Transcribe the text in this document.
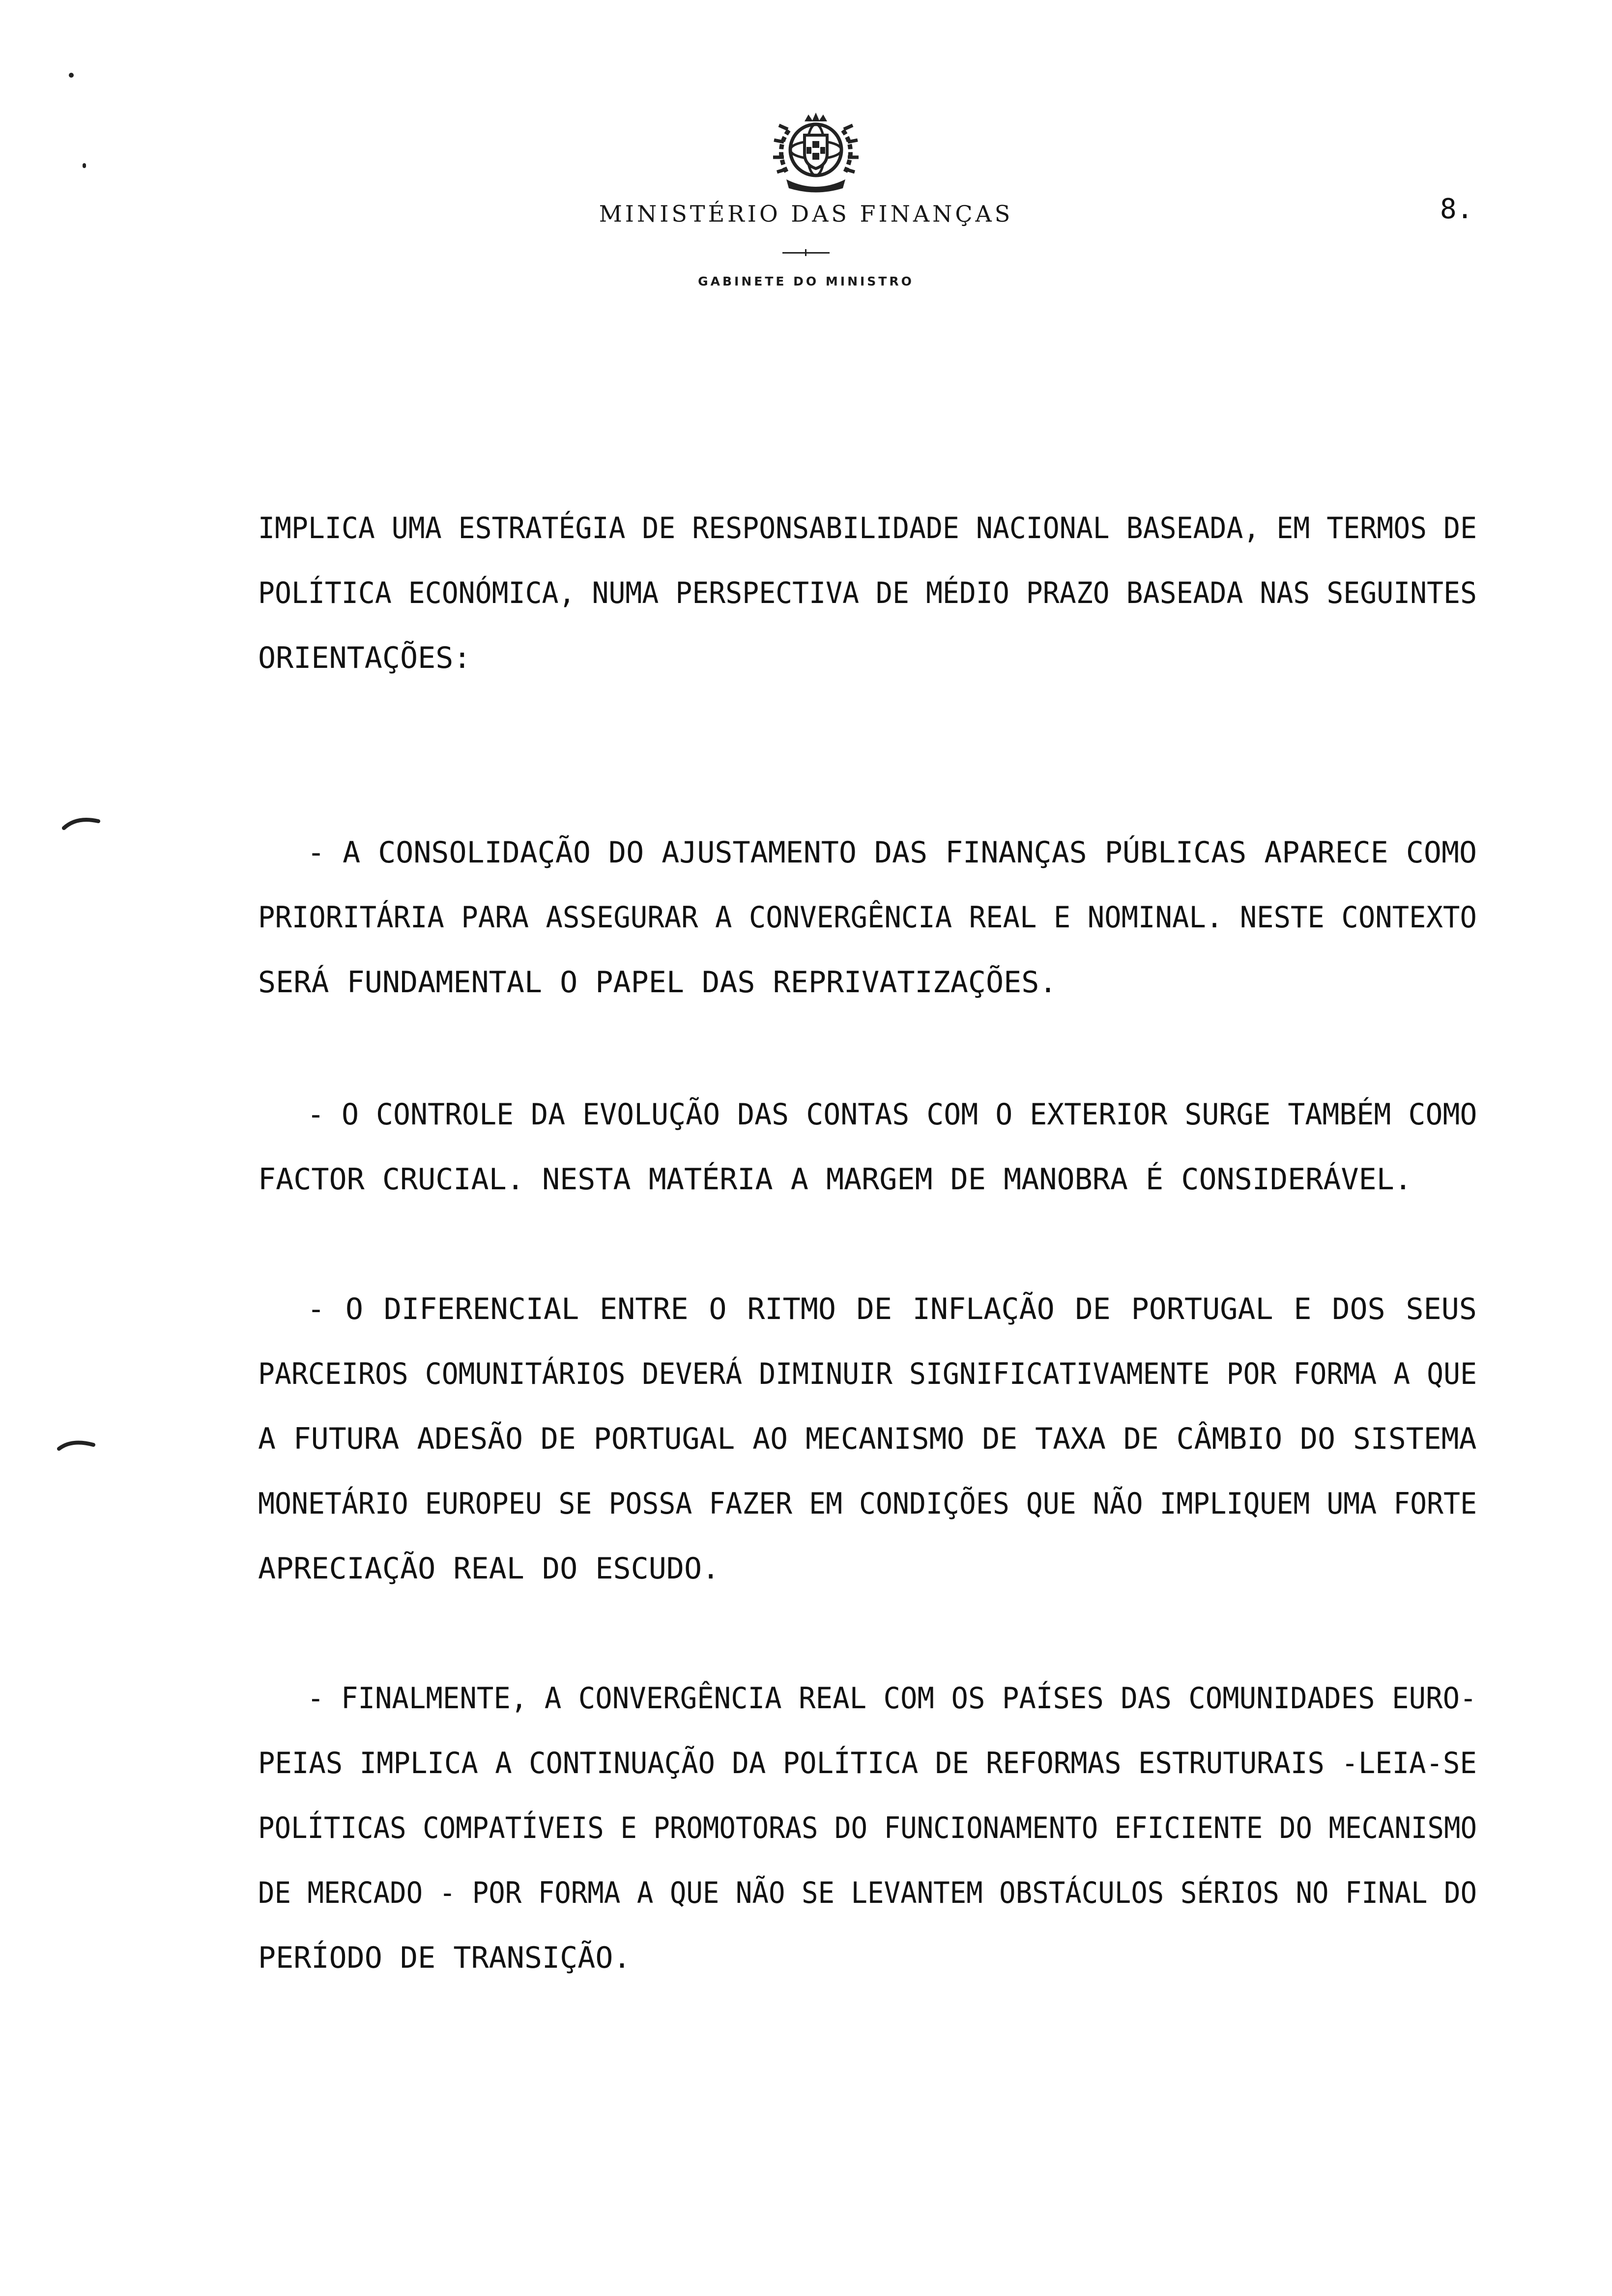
MINISTÉRIO DAS FINANÇAS
GABINETE DO MINISTRO
8.
IMPLICA UMA ESTRATÉGIA DE RESPONSABILIDADE NACIONAL BASEADA, EM TERMOS DE
POLÍTICA ECONÓMICA, NUMA PERSPECTIVA DE MÉDIO PRAZO BASEADA NAS SEGUINTES
ORIENTAÇÕES:
- A CONSOLIDAÇÃO DO AJUSTAMENTO DAS FINANÇAS PÚBLICAS APARECE COMO
PRIORITÁRIA PARA ASSEGURAR A CONVERGÊNCIA REAL E NOMINAL. NESTE CONTEXTO
SERÁ FUNDAMENTAL O PAPEL DAS REPRIVATIZAÇÕES.
- O CONTROLE DA EVOLUÇÃO DAS CONTAS COM O EXTERIOR SURGE TAMBÉM COMO
FACTOR CRUCIAL. NESTA MATÉRIA A MARGEM DE MANOBRA É CONSIDERÁVEL.
- O DIFERENCIAL ENTRE O RITMO DE INFLAÇÃO DE PORTUGAL E DOS SEUS
PARCEIROS COMUNITÁRIOS DEVERÁ DIMINUIR SIGNIFICATIVAMENTE POR FORMA A QUE
A FUTURA ADESÃO DE PORTUGAL AO MECANISMO DE TAXA DE CÂMBIO DO SISTEMA
MONETÁRIO EUROPEU SE POSSA FAZER EM CONDIÇÕES QUE NÃO IMPLIQUEM UMA FORTE
APRECIAÇÃO REAL DO ESCUDO.
- FINALMENTE, A CONVERGÊNCIA REAL COM OS PAÍSES DAS COMUNIDADES EURO-
PEIAS IMPLICA A CONTINUAÇÃO DA POLÍTICA DE REFORMAS ESTRUTURAIS -LEIA-SE
POLÍTICAS COMPATÍVEIS E PROMOTORAS DO FUNCIONAMENTO EFICIENTE DO MECANISMO
DE MERCADO - POR FORMA A QUE NÃO SE LEVANTEM OBSTÁCULOS SÉRIOS NO FINAL DO
PERÍODO DE TRANSIÇÃO.
